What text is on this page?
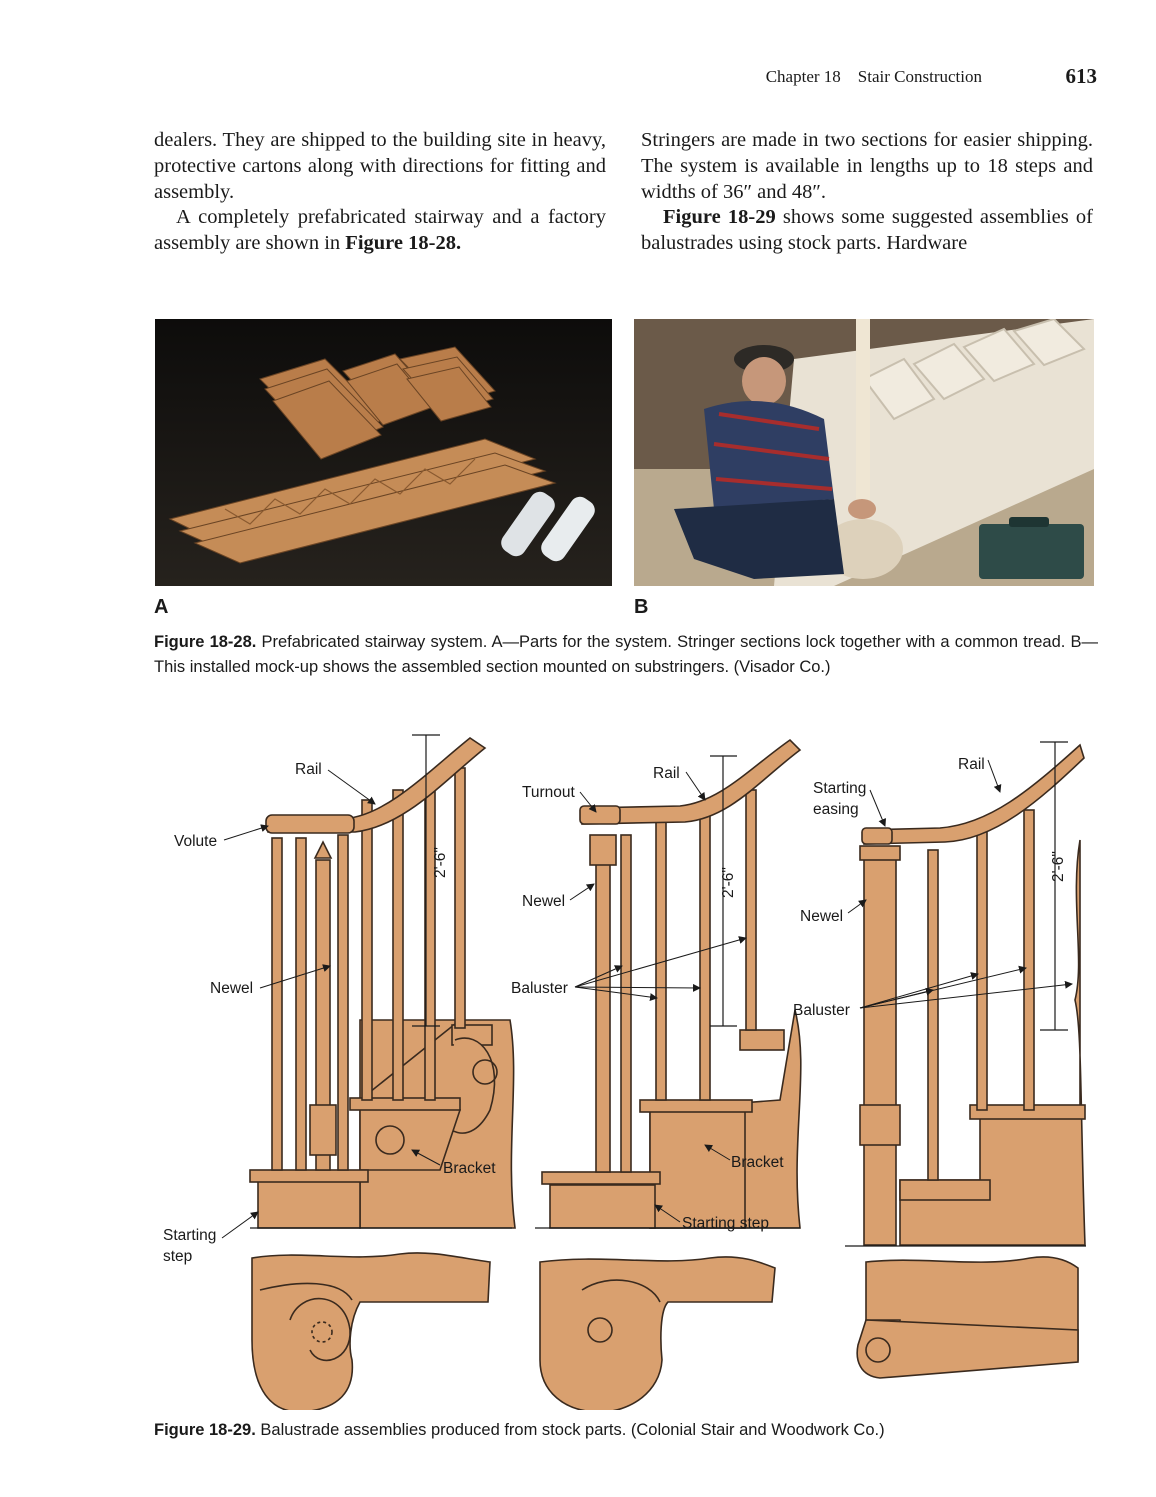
Chapter 18 Stair Construction	613

dealers. They are shipped to the building site in heavy, protective cartons along with directions for fitting and assembly.

A completely prefabricated stairway and a factory assembly are shown in Figure 18-28.

Stringers are made in two sections for easier shipping. The system is available in lengths up to 18 steps and widths of 36″ and 48″.

Figure 18-29 shows some suggested assemblies of balustrades using stock parts. Hardware

A	B
Figure 18-28. Prefabricated stairway system. A—Parts for the system. Stringer sections lock together with a common tread. B—This installed mock-up shows the assembled section mounted on substringers. (Visador Co.)
Rail
Volute
Newel
Starting
step
Bracket
2'-6"
Turnout
Rail
Newel
Baluster
Bracket
Starting step
2'-6"
Rail
Starting
easing
Newel
Baluster
2'-6"
Figure 18-29. Balustrade assemblies produced from stock parts. (Colonial Stair and Woodwork Co.)
